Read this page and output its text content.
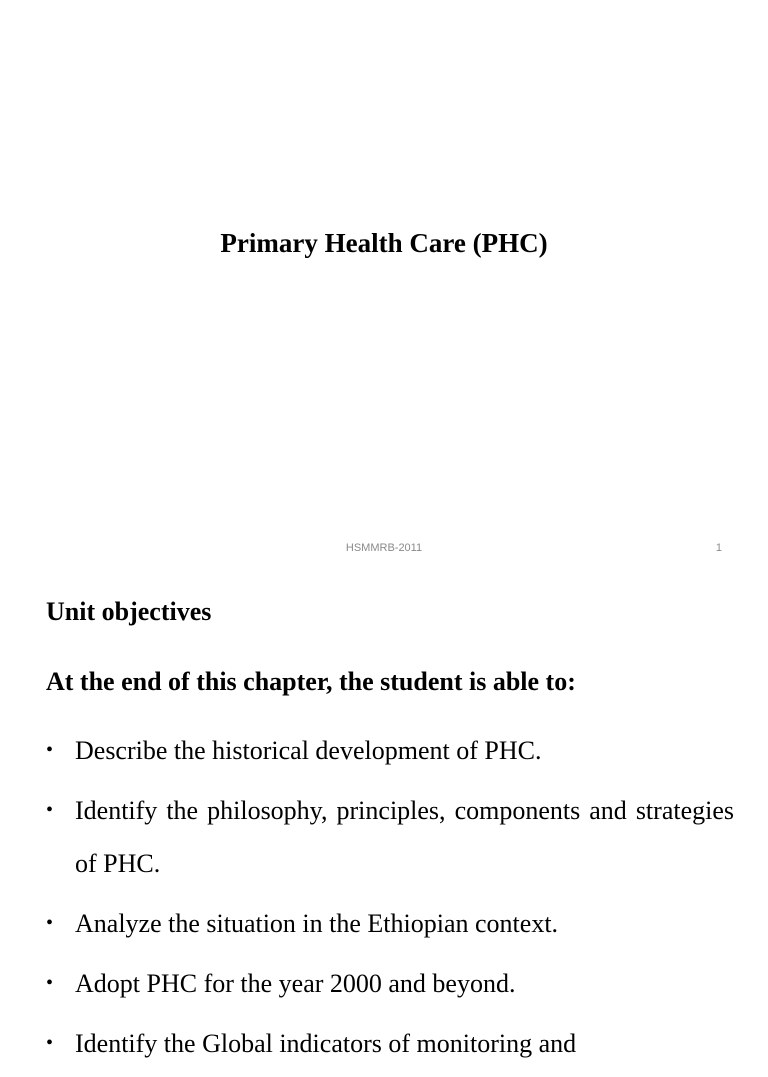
Primary Health Care (PHC)
HSMMRB-2011	1
Unit objectives

At the end of this chapter, the student is able to:

• Describe the historical development of PHC.
• Identify the philosophy, principles, components and strategies of PHC.
• Analyze the situation in the Ethiopian context.
• Adopt PHC for the year 2000 and beyond.
• Identify the Global indicators of monitoring and
